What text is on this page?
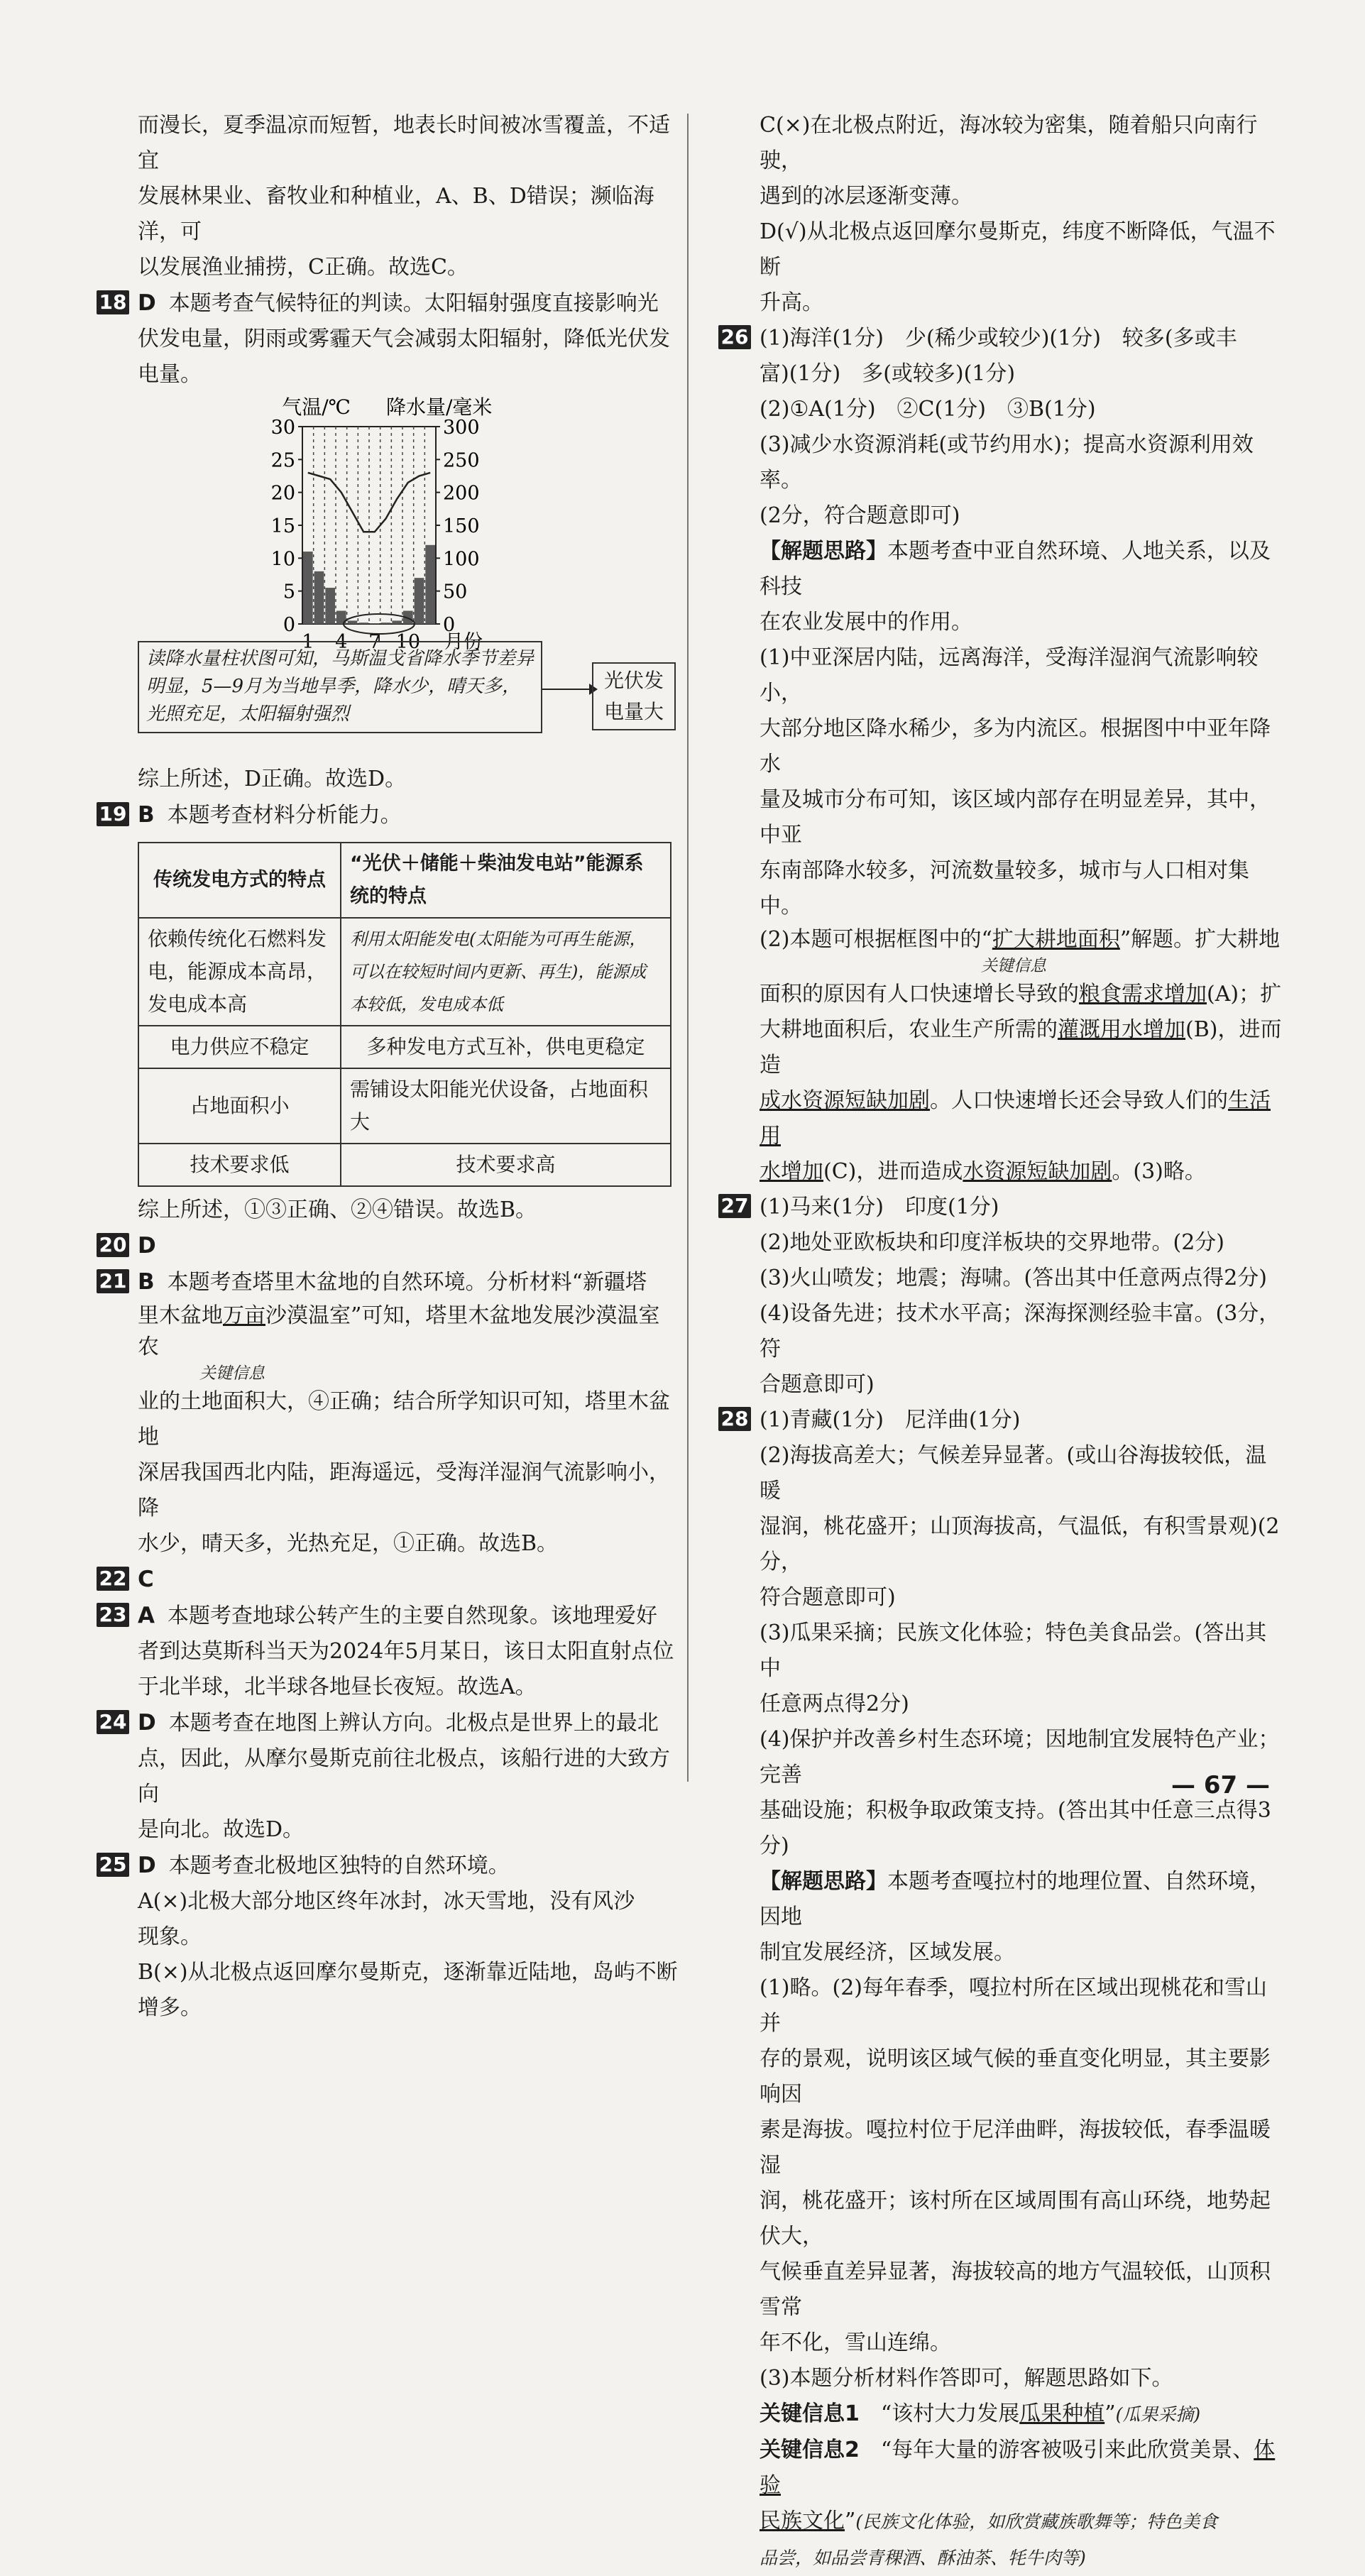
而漫长，夏季温凉而短暂，地表长时间被冰雪覆盖，不适宜

发展林果业、畜牧业和种植业，A、B、D错误；濒临海洋，可

以发展渔业捕捞，C正确。故选C。

18 D 本题考查气候特征的判读。太阳辐射强度直接影响光

伏发电量，阴雨或雾霾天气会减弱太阳辐射，降低光伏发

电量。

气温/℃ 降水量/毫米
0
5
10
15
20
25
30
0
50
100
150
200
250
300
1 4 7 10 月份
读降水量柱状图可知，马斯温戈省降水季节差异明显，5—9月为当地旱季，降水少，晴天多，光照充足，太阳辐射强烈
光伏发电量大

综上所述，D正确。故选D。

19 B 本题考查材料分析能力。

传统发电方式的特点	“光伏＋储能＋柴油发电站”能源系统的特点
依赖传统化石燃料发电，能源成本高昂，发电成本高	利用太阳能发电(太阳能为可再生能源，可以在较短时间内更新、再生)，能源成本较低，发电成本低
电力供应不稳定	多种发电方式互补，供电更稳定
占地面积小	需铺设太阳能光伏设备，占地面积大
技术要求低	技术要求高

综上所述，①③正确、②④错误。故选B。

20 D

21 B 本题考查塔里木盆地的自然环境。分析材料“新疆塔

里木盆地万亩沙漠温室”可知，塔里木盆地发展沙漠温室农

关键信息

业的土地面积大，④正确；结合所学知识可知，塔里木盆地

深居我国西北内陆，距海遥远，受海洋湿润气流影响小，降

水少，晴天多，光热充足，①正确。故选B。

22 C

23 A 本题考查地球公转产生的主要自然现象。该地理爱好

者到达莫斯科当天为2024年5月某日，该日太阳直射点位

于北半球，北半球各地昼长夜短。故选A。

24 D 本题考查在地图上辨认方向。北极点是世界上的最北

点，因此，从摩尔曼斯克前往北极点，该船行进的大致方向

是向北。故选D。

25 D 本题考查北极地区独特的自然环境。

A(×)北极大部分地区终年冰封，冰天雪地，没有风沙

现象。

B(×)从北极点返回摩尔曼斯克，逐渐靠近陆地，岛屿不断

增多。

C(×)在北极点附近，海冰较为密集，随着船只向南行驶，

遇到的冰层逐渐变薄。

D(√)从北极点返回摩尔曼斯克，纬度不断降低，气温不断

升高。

26 (1)海洋(1分)　少(稀少或较少)(1分)　较多(多或丰

富)(1分)　多(或较多)(1分)

(2)①A(1分)　②C(1分)　③B(1分)

(3)减少水资源消耗(或节约用水)；提高水资源利用效率。

(2分，符合题意即可)

【解题思路】本题考查中亚自然环境、人地关系，以及科技

在农业发展中的作用。

(1)中亚深居内陆，远离海洋，受海洋湿润气流影响较小，

大部分地区降水稀少，多为内流区。根据图中中亚年降水

量及城市分布可知，该区域内部存在明显差异，其中，中亚

东南部降水较多，河流数量较多，城市与人口相对集中。

(2)本题可根据框图中的“扩大耕地面积”解题。扩大耕地

关键信息

面积的原因有人口快速增长导致的粮食需求增加(A)；扩

大耕地面积后，农业生产所需的灌溉用水增加(B)，进而造

成水资源短缺加剧。人口快速增长还会导致人们的生活用

水增加(C)，进而造成水资源短缺加剧。(3)略。

27 (1)马来(1分)　印度(1分)

(2)地处亚欧板块和印度洋板块的交界地带。(2分)

(3)火山喷发；地震；海啸。(答出其中任意两点得2分)

(4)设备先进；技术水平高；深海探测经验丰富。(3分，符

合题意即可)

28 (1)青藏(1分)　尼洋曲(1分)

(2)海拔高差大；气候差异显著。(或山谷海拔较低，温暖

湿润，桃花盛开；山顶海拔高，气温低，有积雪景观)(2分，

符合题意即可)

(3)瓜果采摘；民族文化体验；特色美食品尝。(答出其中

任意两点得2分)

(4)保护并改善乡村生态环境；因地制宜发展特色产业；完善

基础设施；积极争取政策支持。(答出其中任意三点得3分)

【解题思路】本题考查嘎拉村的地理位置、自然环境，因地

制宜发展经济，区域发展。

(1)略。(2)每年春季，嘎拉村所在区域出现桃花和雪山并

存的景观，说明该区域气候的垂直变化明显，其主要影响因

素是海拔。嘎拉村位于尼洋曲畔，海拔较低，春季温暖湿

润，桃花盛开；该村所在区域周围有高山环绕，地势起伏大，

气候垂直差异显著，海拔较高的地方气温较低，山顶积雪常

年不化，雪山连绵。

(3)本题分析材料作答即可，解题思路如下。

关键信息1　 “该村大力发展瓜果种植”(瓜果采摘)

关键信息2　 “每年大量的游客被吸引来此欣赏美景、体验

民族文化”(民族文化体验，如欣赏藏族歌舞等；特色美食

品尝，如品尝青稞酒、酥油茶、牦牛肉等)

— 67 —
